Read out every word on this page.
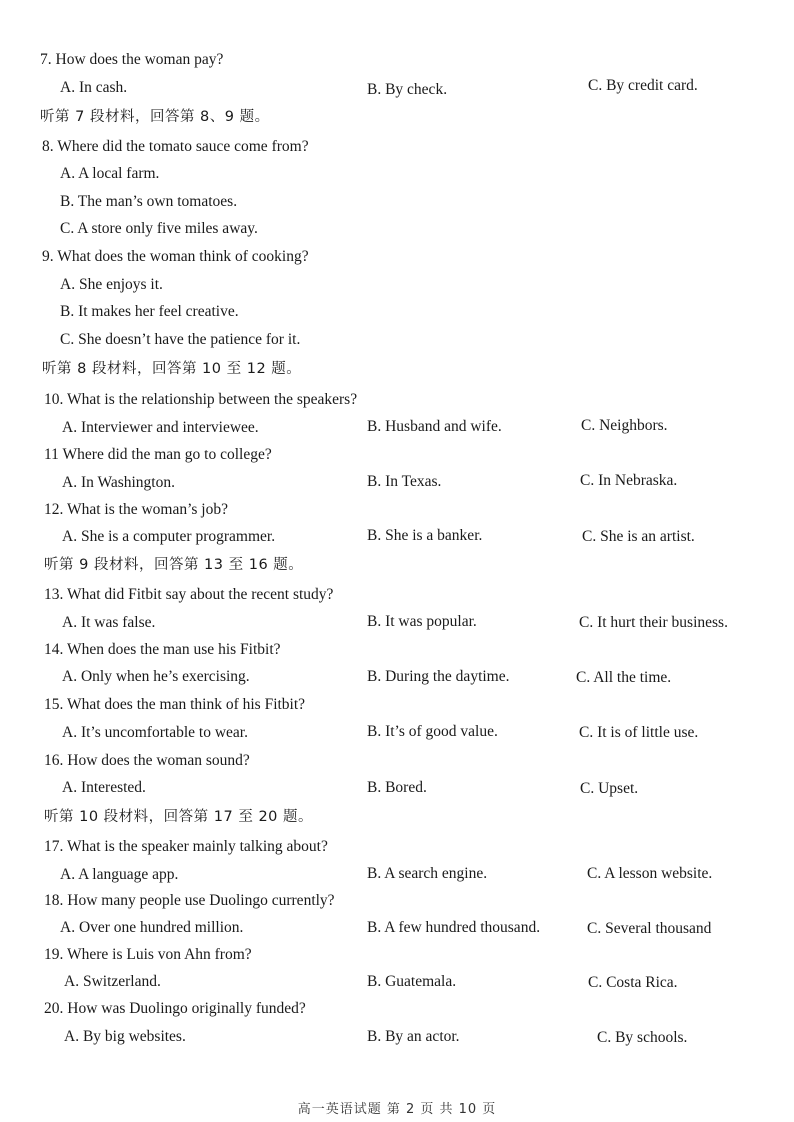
7. How does the woman pay?
A. In cash.	B. By check.	C. By credit card.
听第 7 段材料，回答第 8、9 题。
8. Where did the tomato sauce come from?
A. A local farm.
B. The man’s own tomatoes.
C. A store only five miles away.
9. What does the woman think of cooking?
A. She enjoys it.
B. It makes her feel creative.
C. She doesn’t have the patience for it.
听第 8 段材料，回答第 10 至 12 题。
10. What is the relationship between the speakers?
A. Interviewer and interviewee.	B. Husband and wife.	C. Neighbors.
11 Where did the man go to college?
A. In Washington.	B. In Texas.	C. In Nebraska.
12. What is the woman’s job?
A. She is a computer programmer.	B. She is a banker.	C. She is an artist.
听第 9 段材料，回答第 13 至 16 题。
13. What did Fitbit say about the recent study?
A. It was false.	B. It was popular.	C. It hurt their business.
14. When does the man use his Fitbit?
A. Only when he’s exercising.	B. During the daytime.	C. All the time.
15. What does the man think of his Fitbit?
A. It’s uncomfortable to wear.	B. It’s of good value.	C. It is of little use.
16. How does the woman sound?
A. Interested.	B. Bored.	C. Upset.
听第 10 段材料，回答第 17 至 20 题。
17. What is the speaker mainly talking about?
A. A language app.	B. A search engine.	C. A lesson website.
18. How many people use Duolingo currently?
A. Over one hundred million.	B. A few hundred thousand.	C. Several thousand
19. Where is Luis von Ahn from?
A. Switzerland.	B. Guatemala.	C. Costa Rica.
20. How was Duolingo originally funded?
A. By big websites.	B. By an actor.	C. By schools.
高一英语试题 第 2 页 共 10 页
